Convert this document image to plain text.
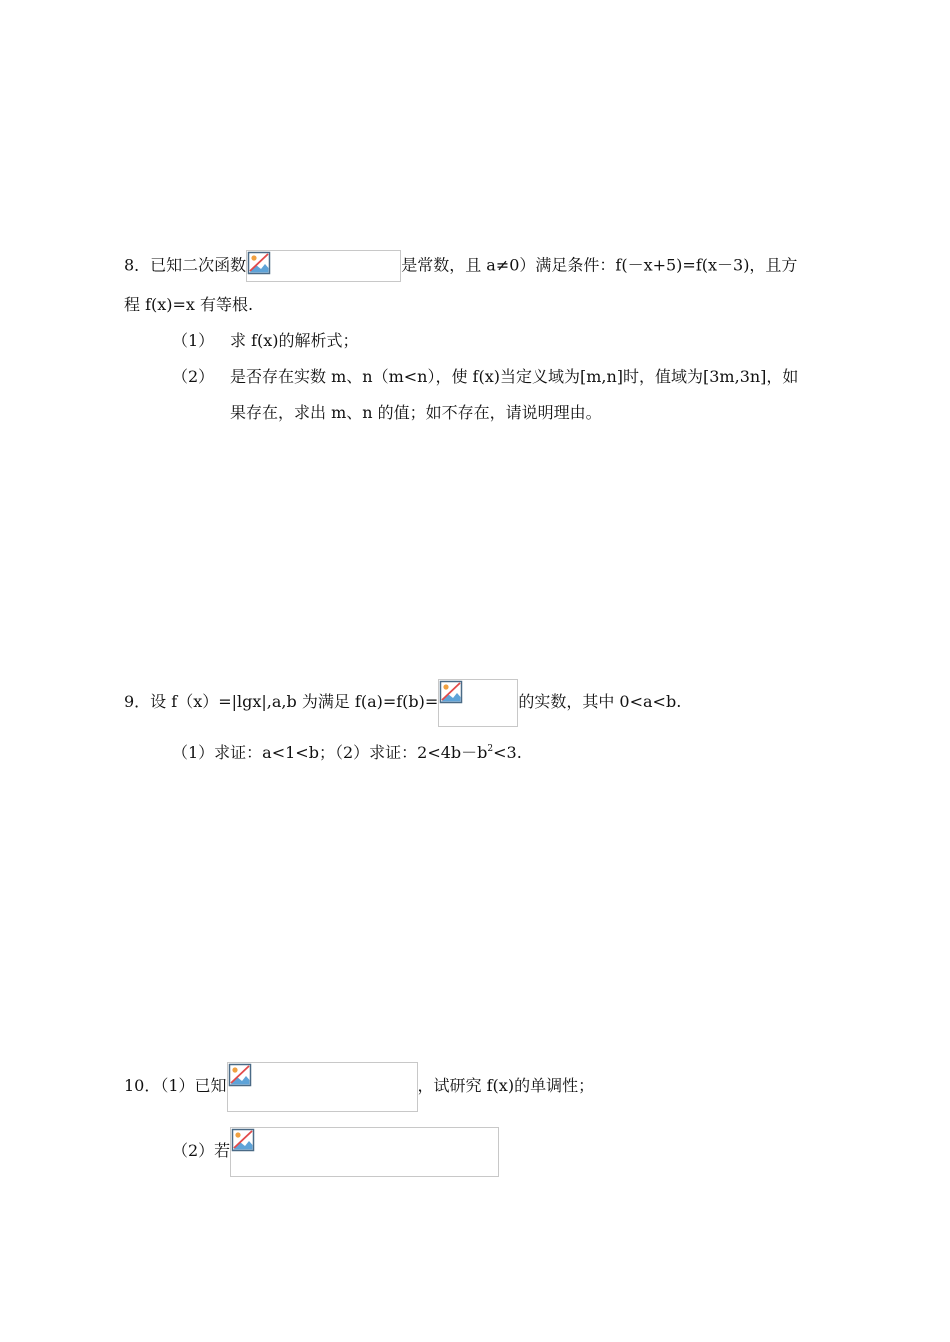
8．已知二次函数	是常数，且 a≠0）满足条件：f(－x+5)=f(x－3)，且方
程 f(x)=x 有等根.
（1） 求 f(x)的解析式；
（2） 是否存在实数 m、n（m<n），使 f(x)当定义域为[m,n]时，值域为[3m,3n]，如
果存在，求出 m、n 的值；如不存在，请说明理由。
9．设 f（x）=|lgx|,a,b 为满足 f(a)=f(b)=	的实数，其中 0<a<b.
（1）求证：a<1<b；（2）求证：$2<4b-b^2<3$.
10．（1）已知	，试研究 f(x)的单调性；
（2）若
